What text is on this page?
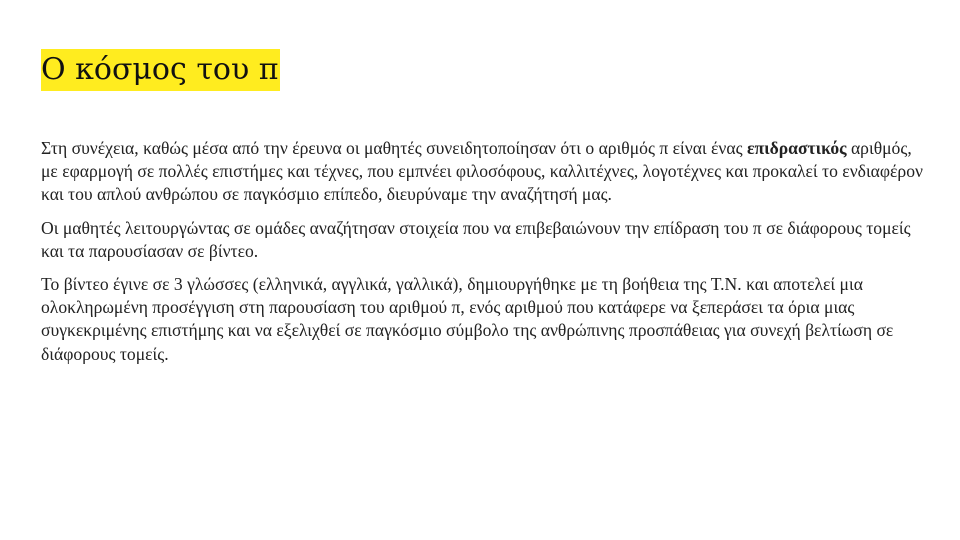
Ο κόσμος του π

Στη συνέχεια, καθώς μέσα από την έρευνα οι μαθητές συνειδητοποίησαν ότι ο αριθμός π είναι ένας επιδραστικός αριθμός, με εφαρμογή σε πολλές επιστήμες και τέχνες, που εμπνέει φιλοσόφους, καλλιτέχνες, λογοτέχνες και προκαλεί το ενδιαφέρον και του απλού ανθρώπου σε παγκόσμιο επίπεδο, διευρύναμε την αναζήτησή μας.

Οι μαθητές λειτουργώντας σε ομάδες αναζήτησαν στοιχεία που να επιβεβαιώνουν την επίδραση του π σε διάφορους τομείς και τα παρουσίασαν σε βίντεο.

Το βίντεο έγινε σε 3 γλώσσες (ελληνικά, αγγλικά, γαλλικά), δημιουργήθηκε με τη βοήθεια της Τ.Ν. και αποτελεί μια ολοκληρωμένη προσέγγιση στη παρουσίαση του αριθμού π, ενός αριθμού που κατάφερε να ξεπεράσει τα όρια μιας συγκεκριμένης επιστήμης και να εξελιχθεί σε παγκόσμιο σύμβολο της ανθρώπινης προσπάθειας για συνεχή βελτίωση σε διάφορους τομείς.
